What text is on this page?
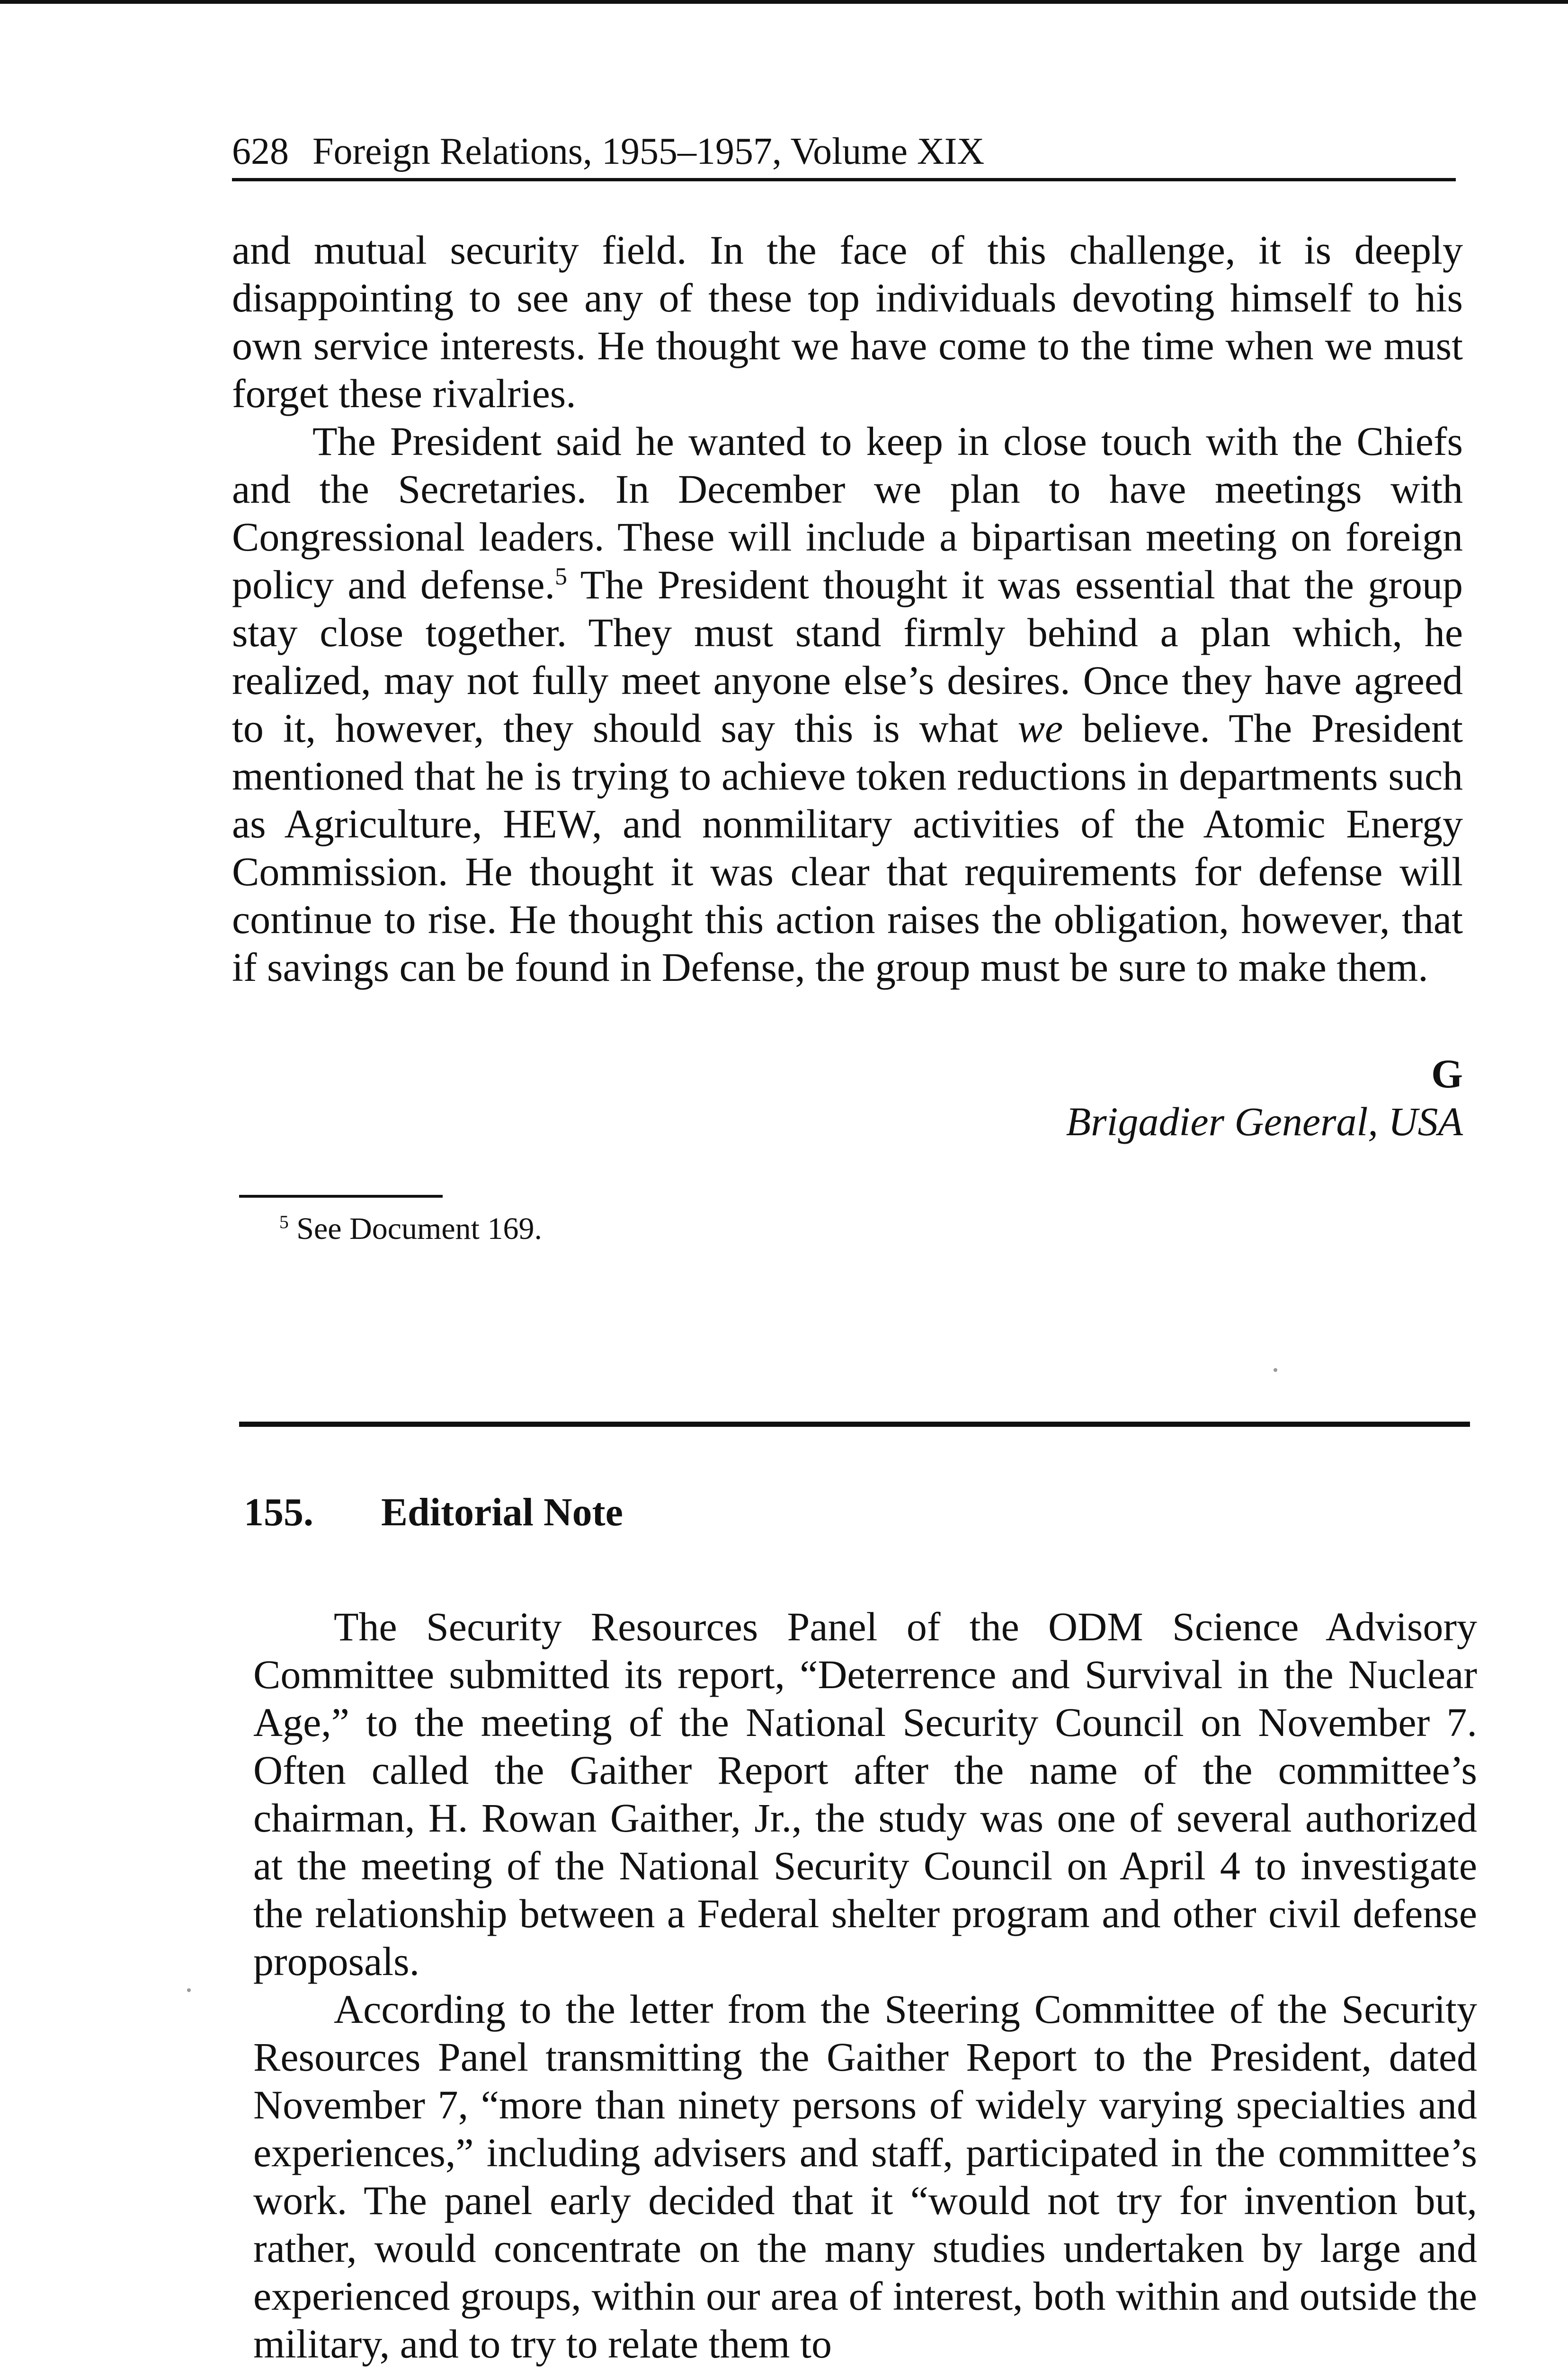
628 Foreign Relations, 1955–1957, Volume XIX

and mutual security field. In the face of this challenge, it is deeply disappointing to see any of these top individuals devoting himself to his own service interests. He thought we have come to the time when we must forget these rivalries.

The President said he wanted to keep in close touch with the Chiefs and the Secretaries. In December we plan to have meetings with Congressional leaders. These will include a bipartisan meeting on foreign policy and defense.$^5$ The President thought it was essential that the group stay close together. They must stand firmly behind a plan which, he realized, may not fully meet anyone else’s desires. Once they have agreed to it, however, they should say this is what we believe. The President mentioned that he is trying to achieve token reductions in departments such as Agriculture, HEW, and nonmilitary activities of the Atomic Energy Commission. He thought it was clear that requirements for defense will continue to rise. He thought this action raises the obligation, however, that if savings can be found in Defense, the group must be sure to make them.

G
Brigadier General, USA
$^5$ See Document 169.
155. Editorial Note

The Security Resources Panel of the ODM Science Advisory Committee submitted its report, “Deterrence and Survival in the Nuclear Age,” to the meeting of the National Security Council on November 7. Often called the Gaither Report after the name of the committee’s chairman, H. Rowan Gaither, Jr., the study was one of several authorized at the meeting of the National Security Council on April 4 to investigate the relationship between a Federal shelter program and other civil defense proposals.

According to the letter from the Steering Committee of the Security Resources Panel transmitting the Gaither Report to the President, dated November 7, “more than ninety persons of widely varying specialties and experiences,” including advisers and staff, participated in the committee’s work. The panel early decided that it “would not try for invention but, rather, would concentrate on the many studies undertaken by large and experienced groups, within our area of interest, both within and outside the military, and to try to relate them to
